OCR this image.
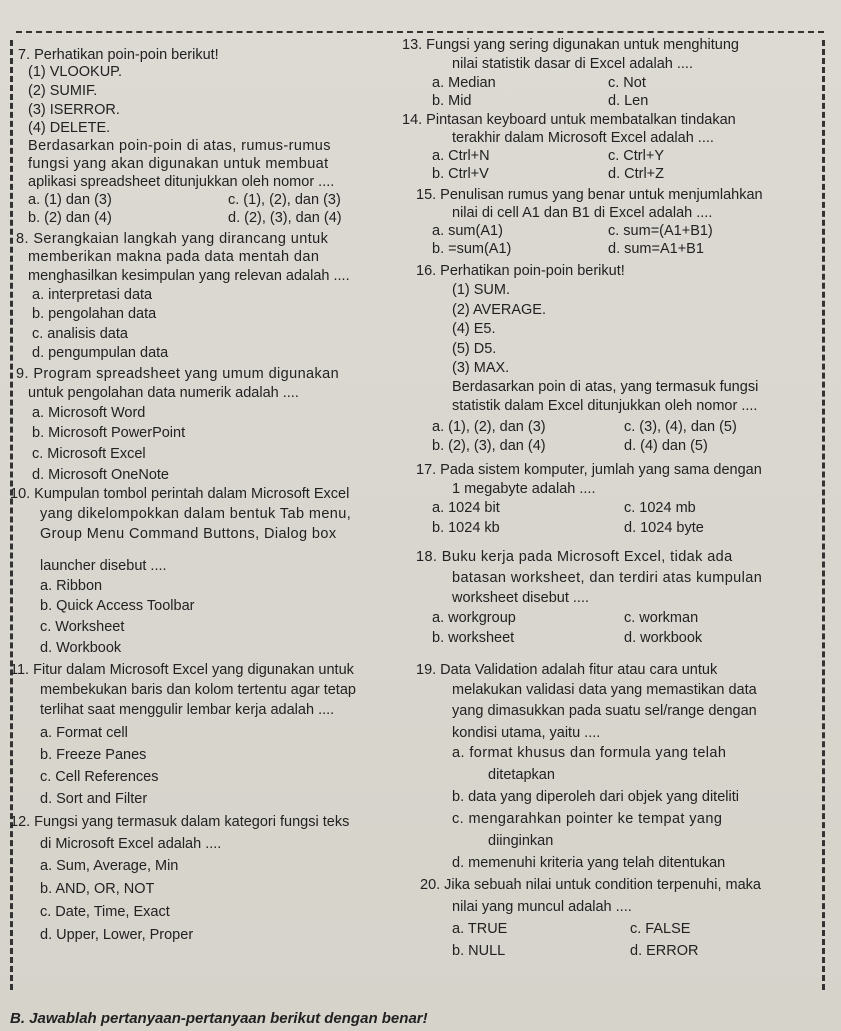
7. Perhatikan poin-poin berikut!
(1) VLOOKUP.
(2) SUMIF.
(3) ISERROR.
(4) DELETE.
Berdasarkan poin-poin di atas, rumus-rumus
fungsi yang akan digunakan untuk membuat
aplikasi spreadsheet ditunjukkan oleh nomor ....
a. (1) dan (3)	c. (1), (2), dan (3)
b. (2) dan (4)	d. (2), (3), dan (4)
8. Serangkaian langkah yang dirancang untuk
memberikan makna pada data mentah dan
menghasilkan kesimpulan yang relevan adalah ....
a. interpretasi data
b. pengolahan data
c. analisis data
d. pengumpulan data
9. Program spreadsheet yang umum digunakan
untuk pengolahan data numerik adalah ....
a. Microsoft Word
b. Microsoft PowerPoint
c. Microsoft Excel
d. Microsoft OneNote
10. Kumpulan tombol perintah dalam Microsoft Excel
yang dikelompokkan dalam bentuk Tab menu,
Group Menu Command Buttons, Dialog box
launcher disebut ....
a. Ribbon
b. Quick Access Toolbar
c. Worksheet
d. Workbook
11. Fitur dalam Microsoft Excel yang digunakan untuk
membekukan baris dan kolom tertentu agar tetap
terlihat saat menggulir lembar kerja adalah ....
a. Format cell
b. Freeze Panes
c. Cell References
d. Sort and Filter
12. Fungsi yang termasuk dalam kategori fungsi teks
di Microsoft Excel adalah ....
a. Sum, Average, Min
b. AND, OR, NOT
c. Date, Time, Exact
d. Upper, Lower, Proper
13. Fungsi yang sering digunakan untuk menghitung
nilai statistik dasar di Excel adalah ....
a. Median	c. Not
b. Mid	d. Len
14. Pintasan keyboard untuk membatalkan tindakan
terakhir dalam Microsoft Excel adalah ....
a. Ctrl+N	c. Ctrl+Y
b. Ctrl+V	d. Ctrl+Z
15. Penulisan rumus yang benar untuk menjumlahkan
nilai di cell A1 dan B1 di Excel adalah ....
a. sum(A1)	c. sum=(A1+B1)
b. =sum(A1)	d. sum=A1+B1
16. Perhatikan poin-poin berikut!
(1) SUM.
(2) AVERAGE.
(4) E5.
(5) D5.
(3) MAX.
Berdasarkan poin di atas, yang termasuk fungsi
statistik dalam Excel ditunjukkan oleh nomor ....
a. (1), (2), dan (3)	c. (3), (4), dan (5)
b. (2), (3), dan (4)	d. (4) dan (5)
17. Pada sistem komputer, jumlah yang sama dengan
1 megabyte adalah ....
a. 1024 bit	c. 1024 mb
b. 1024 kb	d. 1024 byte
18. Buku kerja pada Microsoft Excel, tidak ada
batasan worksheet, dan terdiri atas kumpulan
worksheet disebut ....
a. workgroup	c. workman
b. worksheet	d. workbook
19. Data Validation adalah fitur atau cara untuk
melakukan validasi data yang memastikan data
yang dimasukkan pada suatu sel/range dengan
kondisi utama, yaitu ....
a. format khusus dan formula yang telah
ditetapkan
b. data yang diperoleh dari objek yang diteliti
c. mengarahkan pointer ke tempat yang
diinginkan
d. memenuhi kriteria yang telah ditentukan
20. Jika sebuah nilai untuk condition terpenuhi, maka
nilai yang muncul adalah ....
a. TRUE	c. FALSE
b. NULL	d. ERROR
B. Jawablah pertanyaan-pertanyaan berikut dengan benar!
